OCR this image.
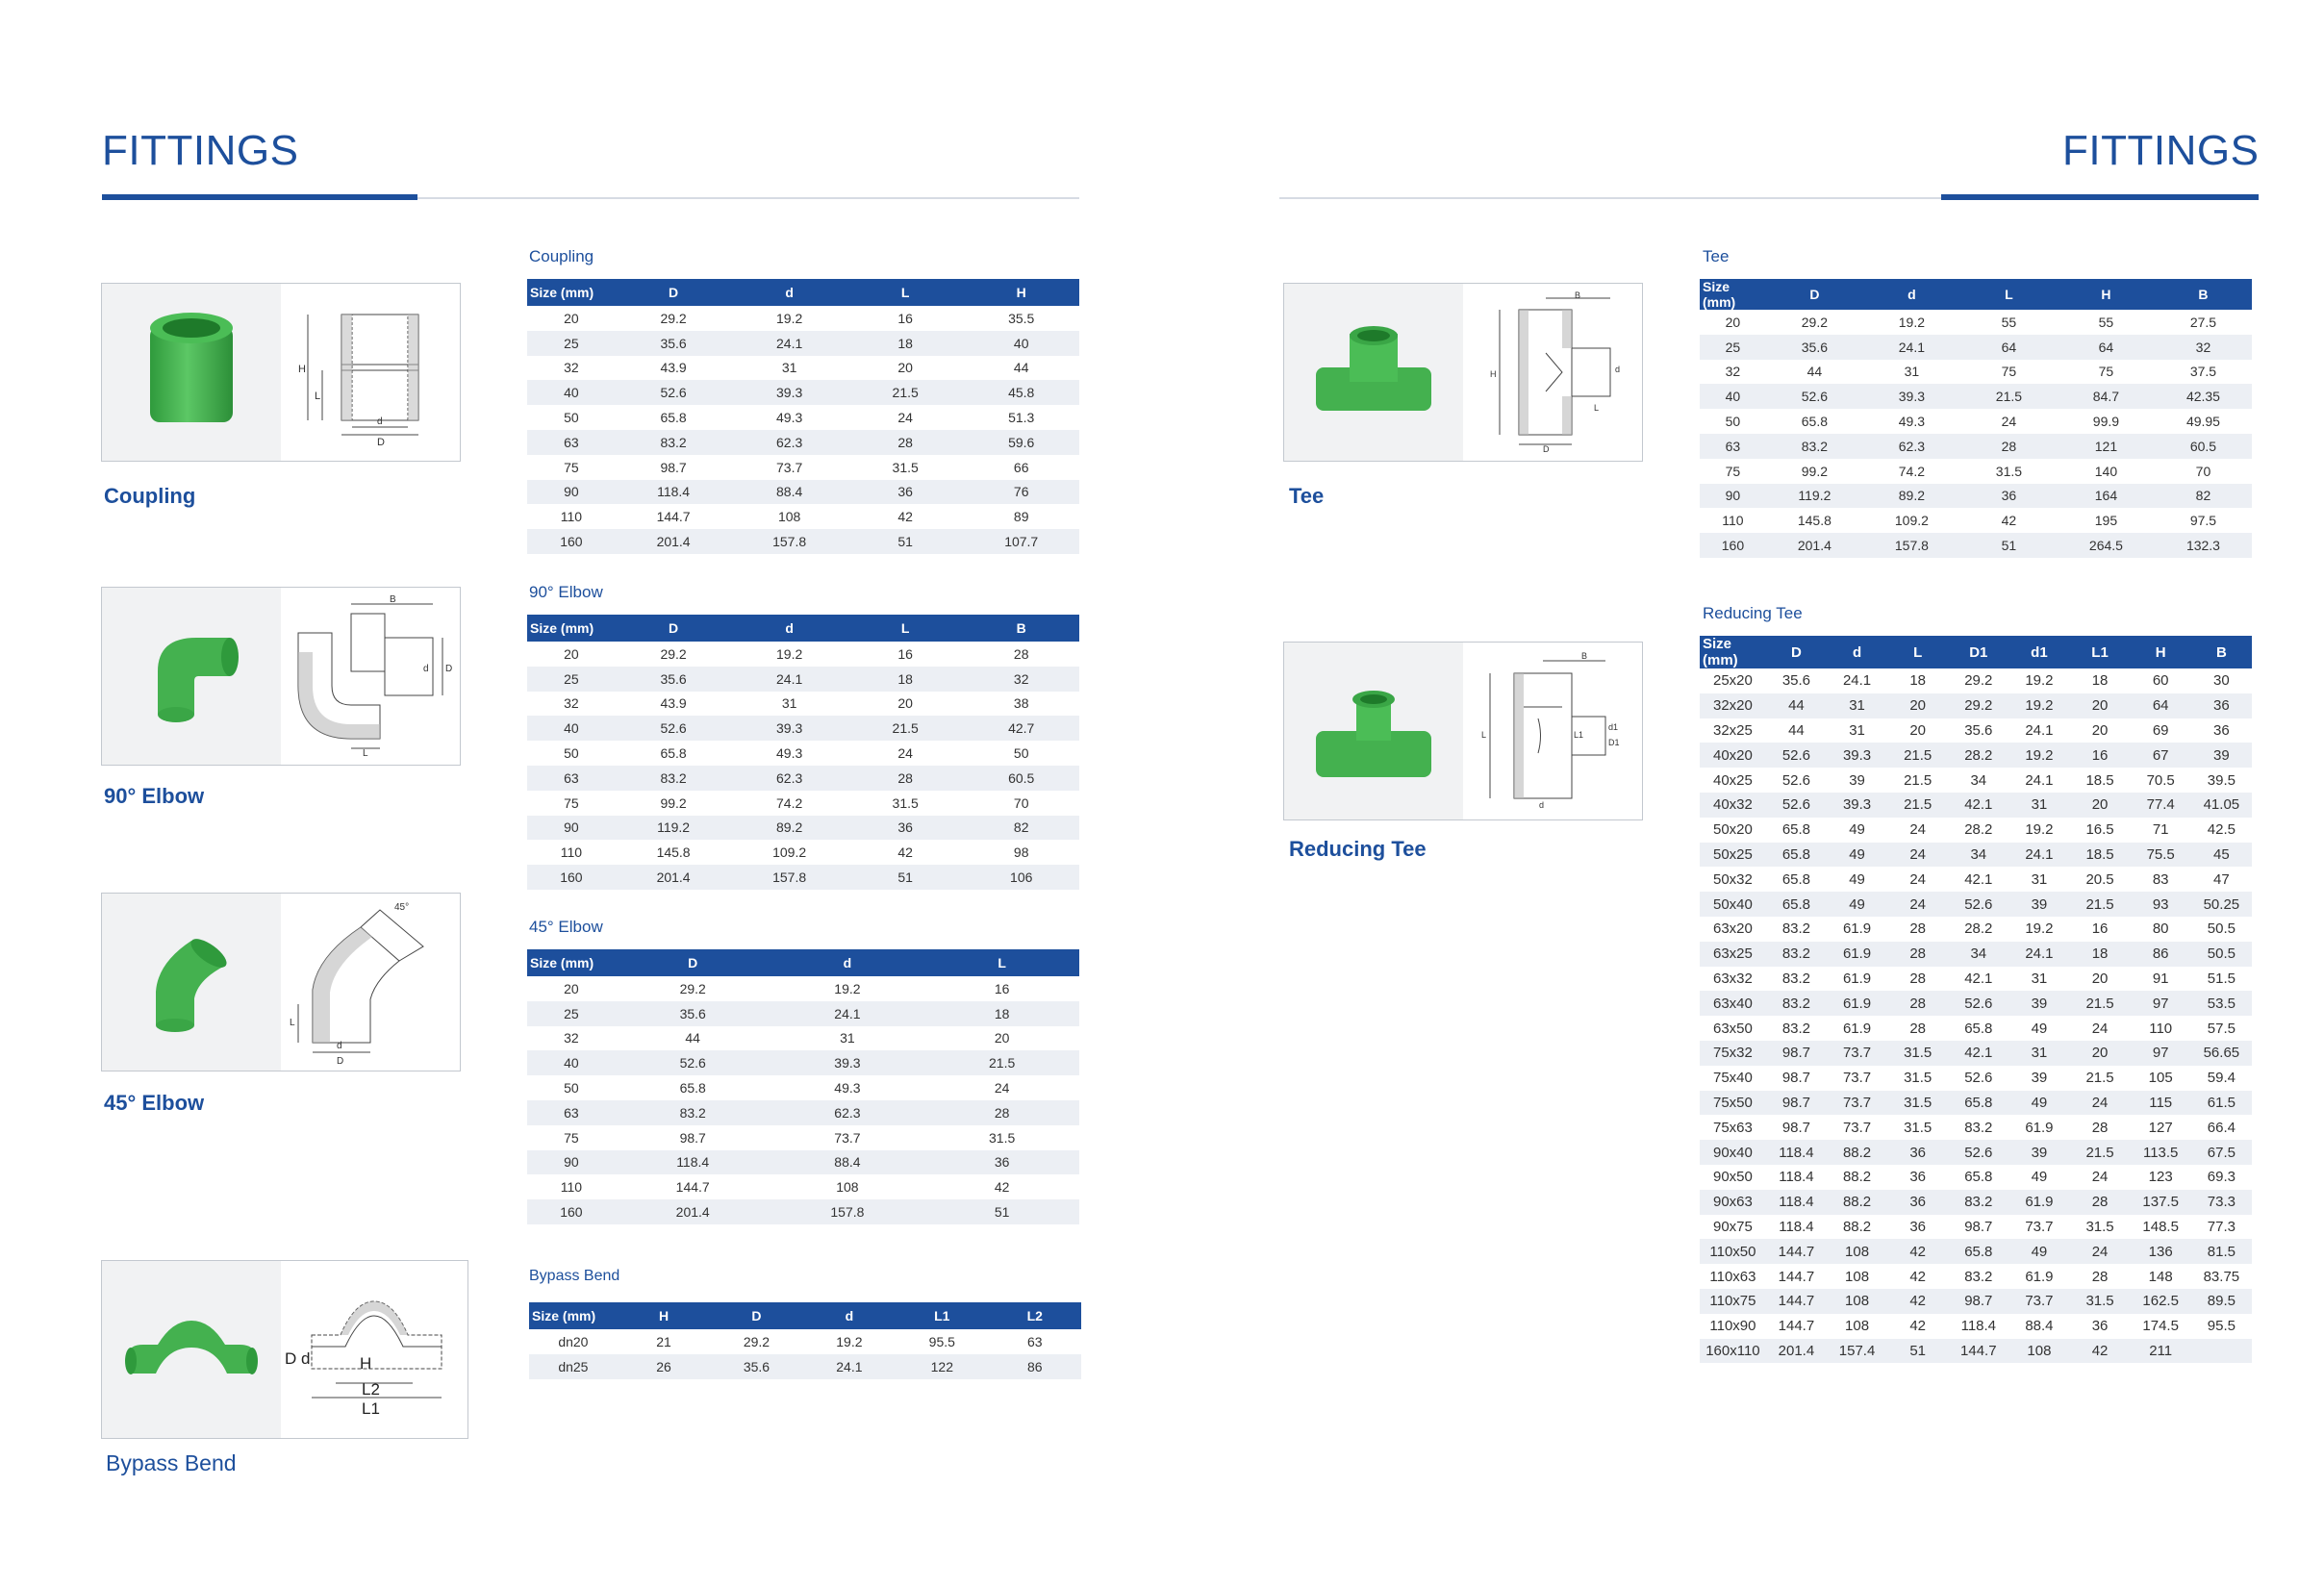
FITTINGS
H
L
d
D
Coupling
B
d D
L
90° Elbow
45°
L
d
D
45° Elbow
D d	H
L2
L1
Bypass Bend
Coupling
Size (mm)	D	d	L	H
20	29.2	19.2	16	35.5
25	35.6	24.1	18	40
32	43.9	31	20	44
40	52.6	39.3	21.5	45.8
50	65.8	49.3	24	51.3
63	83.2	62.3	28	59.6
75	98.7	73.7	31.5	66
90	118.4	88.4	36	76
110	144.7	108	42	89
160	201.4	157.8	51	107.7
90° Elbow
Size (mm)	D	d	L	B
20	29.2	19.2	16	28
25	35.6	24.1	18	32
32	43.9	31	20	38
40	52.6	39.3	21.5	42.7
50	65.8	49.3	24	50
63	83.2	62.3	28	60.5
75	99.2	74.2	31.5	70
90	119.2	89.2	36	82
110	145.8	109.2	42	98
160	201.4	157.8	51	106
45° Elbow
Size (mm)	D	d	L
20	29.2	19.2	16
25	35.6	24.1	18
32	44	31	20
40	52.6	39.3	21.5
50	65.8	49.3	24
63	83.2	62.3	28
75	98.7	73.7	31.5
90	118.4	88.4	36
110	144.7	108	42
160	201.4	157.8	51
Bypass Bend
Size (mm)	H	D	d	L1	L2
dn20	21	29.2	19.2	95.5	63
dn25	26	35.6	24.1	122	86
FITTINGS
B
H	d
D
L
Tee
B
L	L1
d1
D1
d
Reducing Tee
Tee
Size (mm)	D	d	L	H	B
20	29.2	19.2	55	55	27.5
25	35.6	24.1	64	64	32
32	44	31	75	75	37.5
40	52.6	39.3	21.5	84.7	42.35
50	65.8	49.3	24	99.9	49.95
63	83.2	62.3	28	121	60.5
75	99.2	74.2	31.5	140	70
90	119.2	89.2	36	164	82
110	145.8	109.2	42	195	97.5
160	201.4	157.8	51	264.5	132.3
Reducing Tee
Size (mm)	D	d	L	D1	d1	L1	H	B
25x20	35.6	24.1	18	29.2	19.2	18	60	30
32x20	44	31	20	29.2	19.2	20	64	36
32x25	44	31	20	35.6	24.1	20	69	36
40x20	52.6	39.3	21.5	28.2	19.2	16	67	39
40x25	52.6	39	21.5	34	24.1	18.5	70.5	39.5
40x32	52.6	39.3	21.5	42.1	31	20	77.4	41.05
50x20	65.8	49	24	28.2	19.2	16.5	71	42.5
50x25	65.8	49	24	34	24.1	18.5	75.5	45
50x32	65.8	49	24	42.1	31	20.5	83	47
50x40	65.8	49	24	52.6	39	21.5	93	50.25
63x20	83.2	61.9	28	28.2	19.2	16	80	50.5
63x25	83.2	61.9	28	34	24.1	18	86	50.5
63x32	83.2	61.9	28	42.1	31	20	91	51.5
63x40	83.2	61.9	28	52.6	39	21.5	97	53.5
63x50	83.2	61.9	28	65.8	49	24	110	57.5
75x32	98.7	73.7	31.5	42.1	31	20	97	56.65
75x40	98.7	73.7	31.5	52.6	39	21.5	105	59.4
75x50	98.7	73.7	31.5	65.8	49	24	115	61.5
75x63	98.7	73.7	31.5	83.2	61.9	28	127	66.4
90x40	118.4	88.2	36	52.6	39	21.5	113.5	67.5
90x50	118.4	88.2	36	65.8	49	24	123	69.3
90x63	118.4	88.2	36	83.2	61.9	28	137.5	73.3
90x75	118.4	88.2	36	98.7	73.7	31.5	148.5	77.3
110x50	144.7	108	42	65.8	49	24	136	81.5
110x63	144.7	108	42	83.2	61.9	28	148	83.75
110x75	144.7	108	42	98.7	73.7	31.5	162.5	89.5
110x90	144.7	108	42	118.4	88.4	36	174.5	95.5
160x110	201.4	157.4	51	144.7	108	42	211	
